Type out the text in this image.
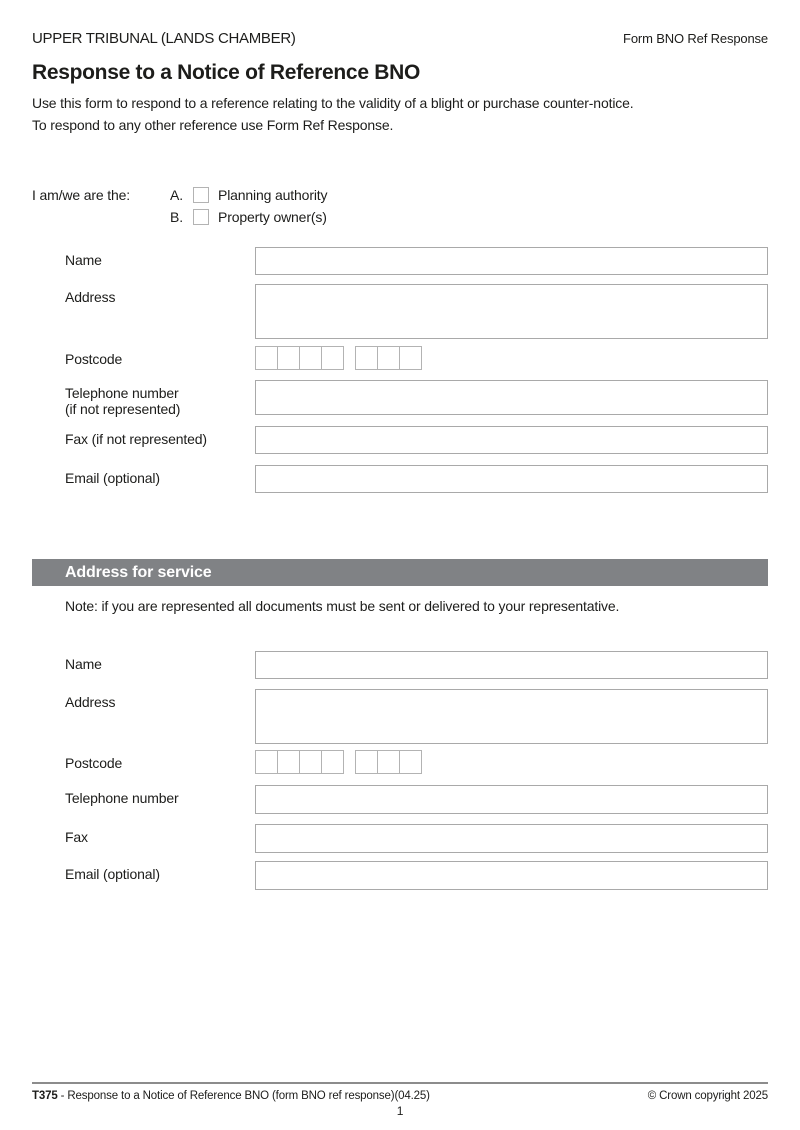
UPPER TRIBUNAL (LANDS CHAMBER)	Form BNO Ref Response
Response to a Notice of Reference BNO

Use this form to respond to a reference relating to the validity of a blight or purchase counter-notice.

To respond to any other reference use Form Ref Response.

I am/we are the:	A.	Planning authority
B.	Property owner(s)
Name
Address
Postcode
Telephone number
(if not represented)
Fax (if not represented)
Email (optional)
Address for service

Note: if you are represented all documents must be sent or delivered to your representative.

Name
Address
Postcode
Telephone number
Fax
Email (optional)
T375 - Response to a Notice of Reference BNO (form BNO ref response)(04.25)	© Crown copyright 2025
1
